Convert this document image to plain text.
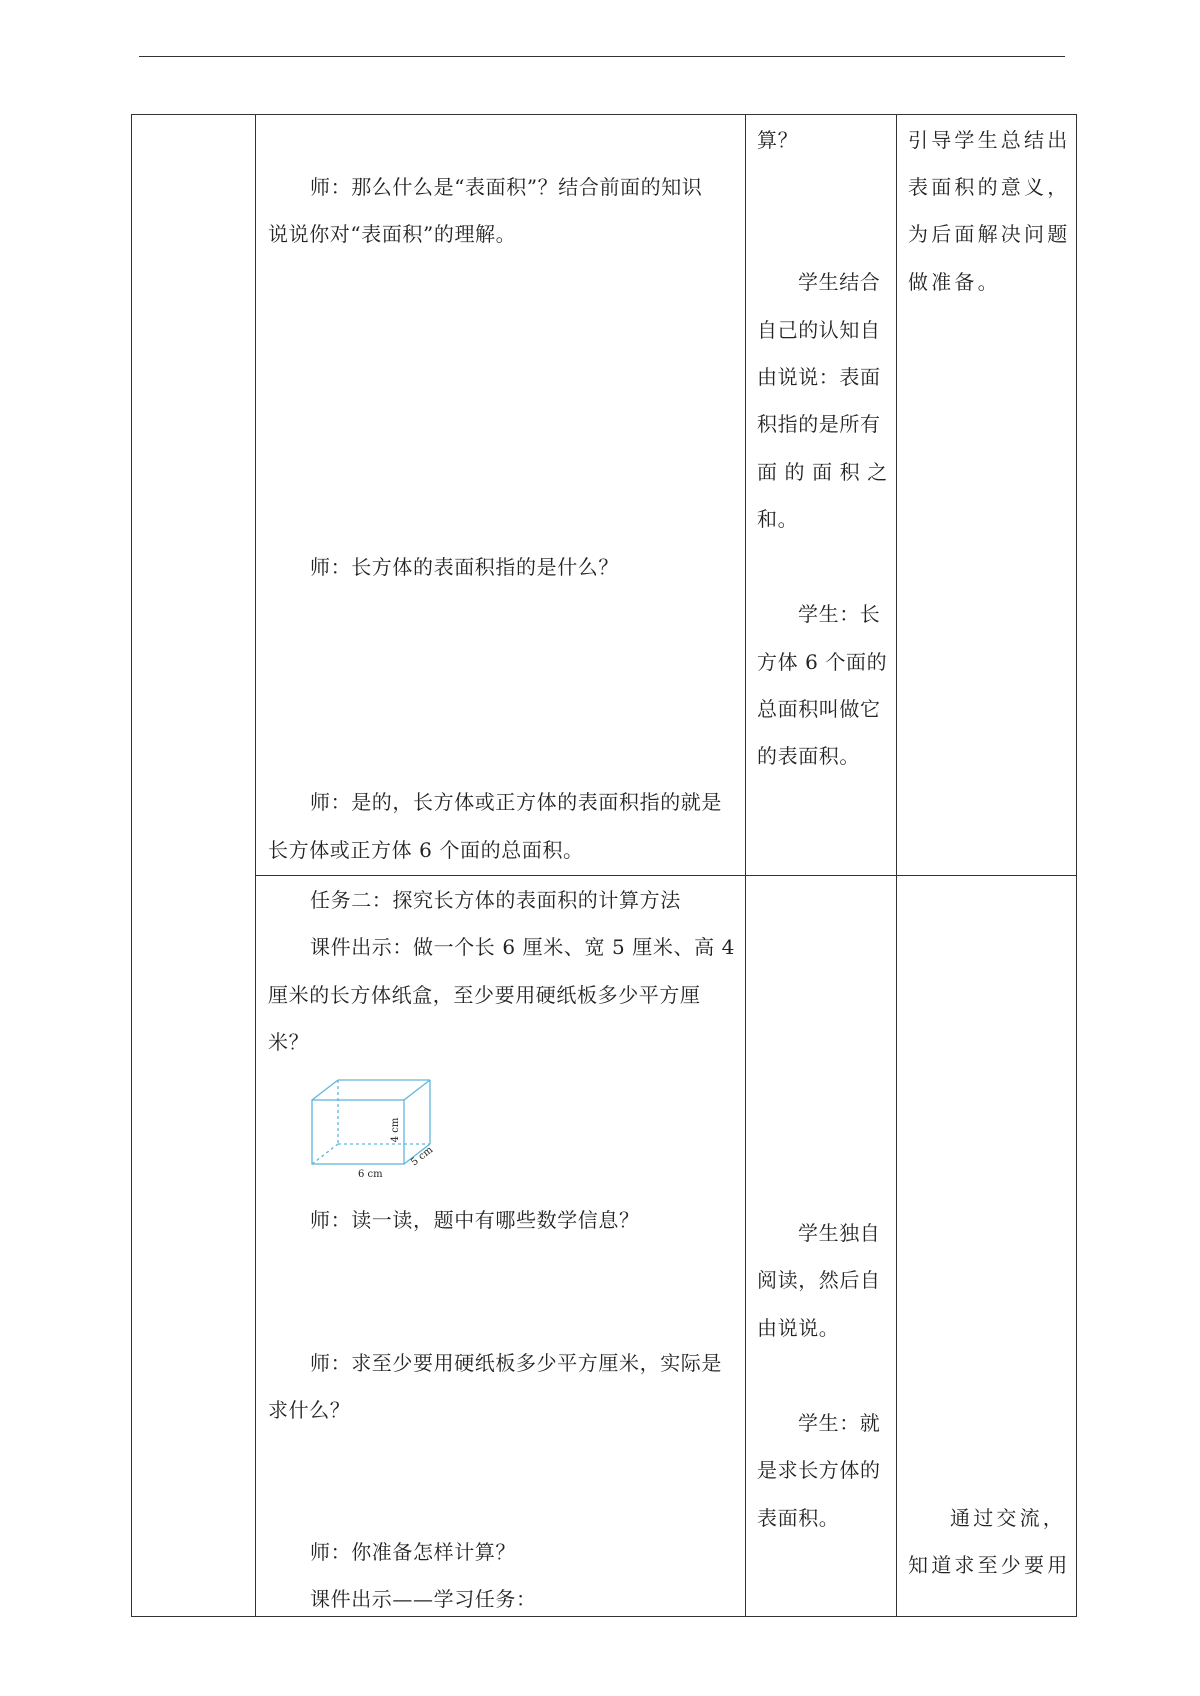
师：那么什么是“表面积”？结合前面的知识
说说你对“表面积”的理解。
师：长方体的表面积指的是什么？
师：是的，长方体或正方体的表面积指的就是
长方体或正方体 6 个面的总面积。
任务二：探究长方体的表面积的计算方法
课件出示：做一个长 6 厘米、宽 5 厘米、高 4
厘米的长方体纸盒，至少要用硬纸板多少平方厘
米？
6 cm
4 cm
5 cm
师：读一读，题中有哪些数学信息？
师：求至少要用硬纸板多少平方厘米，实际是
求什么？
师：你准备怎样计算？
课件出示——学习任务：
算？
学生结合
自己的认知自
由说说：表面
积指的是所有
面 的 面 积 之
和。
学生：长
方体 6 个面的
总面积叫做它
的表面积。
学生独自
阅读，然后自
由说说。
学生：就
是求长方体的
表面积。
引导学生总结出
表面积的意义，
为后面解决问题
做准备。
通过交流，
知道求至少要用
